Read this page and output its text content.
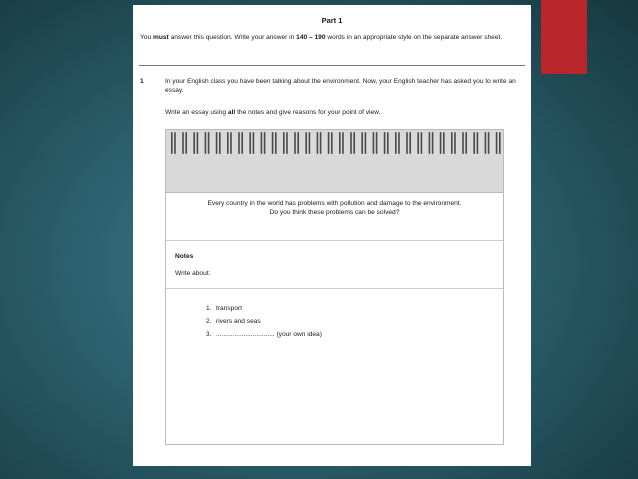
Part 1
You must answer this question. Write your answer in 140 – 190 words in an appropriate style on the separate answer sheet.
1	In your English class you have been talking about the environment. Now, your English teacher has asked you to write an essay.
Write an essay using all the notes and give reasons for your point of view.
Every country in the world has problems with pollution and damage to the environment.
Do you think these problems can be solved?
Notes
Write about:
1. transport
2. rivers and seas
3. ................................ (your own idea)
